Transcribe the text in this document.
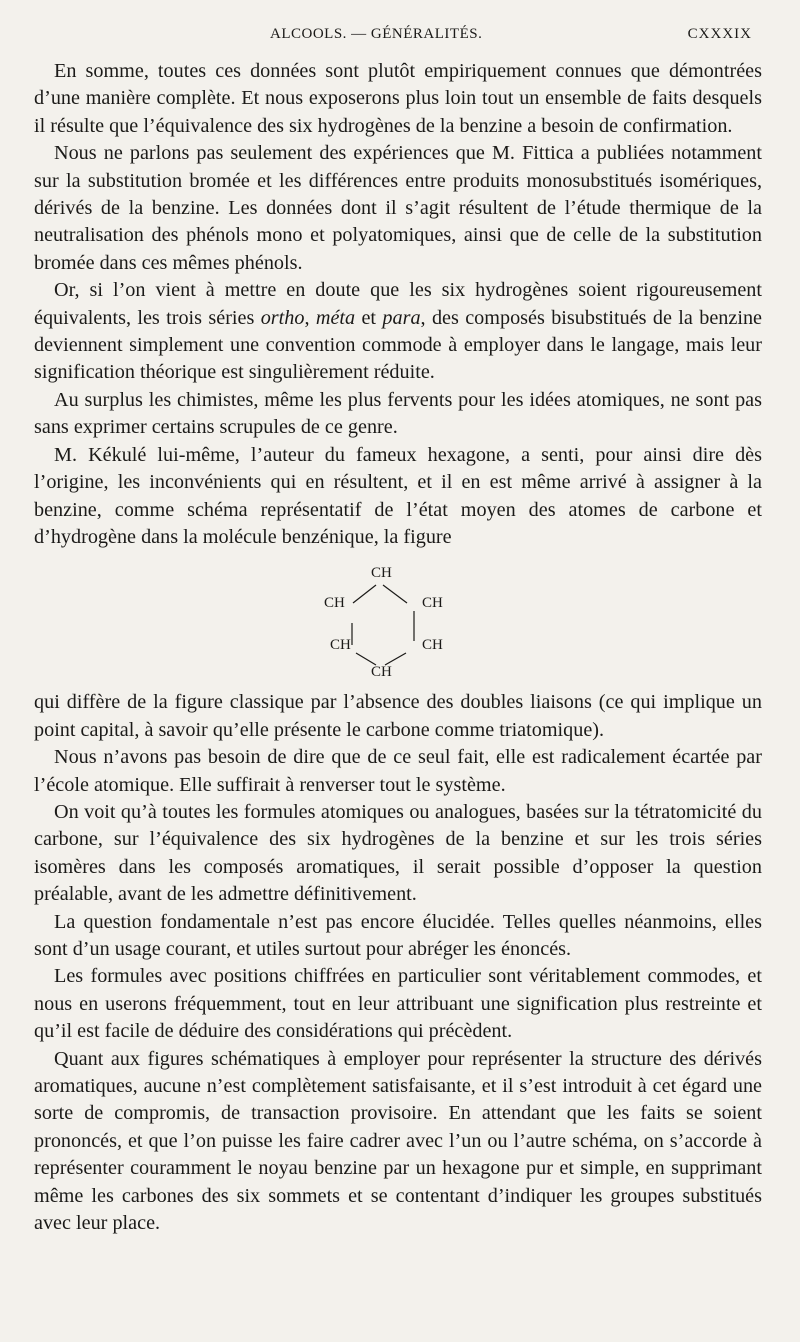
ALCOOLS. — GÉNÉRALITÉS.	CXXXIX

En somme, toutes ces données sont plutôt empiriquement connues que démontrées d’une manière complète. Et nous exposerons plus loin tout un ensemble de faits desquels il résulte que l’équivalence des six hydrogènes de la benzine a besoin de confirmation.

Nous ne parlons pas seulement des expériences que M. Fittica a publiées notamment sur la substitution bromée et les différences entre produits monosubstitués isomériques, dérivés de la benzine. Les données dont il s’agit résultent de l’étude thermique de la neutralisation des phénols mono et polyatomiques, ainsi que de celle de la substitution bromée dans ces mêmes phénols.

Or, si l’on vient à mettre en doute que les six hydrogènes soient rigoureusement équivalents, les trois séries ortho, méta et para, des composés bisubstitués de la benzine deviennent simplement une convention commode à employer dans le langage, mais leur signification théorique est singulièrement réduite.

Au surplus les chimistes, même les plus fervents pour les idées atomiques, ne sont pas sans exprimer certains scrupules de ce genre.

M. Kékulé lui-même, l’auteur du fameux hexagone, a senti, pour ainsi dire dès l’origine, les inconvénients qui en résultent, et il en est même arrivé à assigner à la benzine, comme schéma représentatif de l’état moyen des atomes de carbone et d’hydrogène dans la molécule benzénique, la figure

CH
CH	CH
CH	CH
CH

qui diffère de la figure classique par l’absence des doubles liaisons (ce qui implique un point capital, à savoir qu’elle présente le carbone comme triatomique).

Nous n’avons pas besoin de dire que de ce seul fait, elle est radicalement écartée par l’école atomique. Elle suffirait à renverser tout le système.

On voit qu’à toutes les formules atomiques ou analogues, basées sur la tétratomicité du carbone, sur l’équivalence des six hydrogènes de la benzine et sur les trois séries isomères dans les composés aromatiques, il serait possible d’opposer la question préalable, avant de les admettre définitivement.

La question fondamentale n’est pas encore élucidée. Telles quelles néanmoins, elles sont d’un usage courant, et utiles surtout pour abréger les énoncés.

Les formules avec positions chiffrées en particulier sont véritablement commodes, et nous en userons fréquemment, tout en leur attribuant une signification plus restreinte et qu’il est facile de déduire des considérations qui précèdent.

Quant aux figures schématiques à employer pour représenter la structure des dérivés aromatiques, aucune n’est complètement satisfaisante, et il s’est introduit à cet égard une sorte de compromis, de transaction provisoire. En attendant que les faits se soient prononcés, et que l’on puisse les faire cadrer avec l’un ou l’autre schéma, on s’accorde à représenter couramment le noyau benzine par un hexagone pur et simple, en supprimant même les carbones des six sommets et se contentant d’indiquer les groupes substitués avec leur place.
